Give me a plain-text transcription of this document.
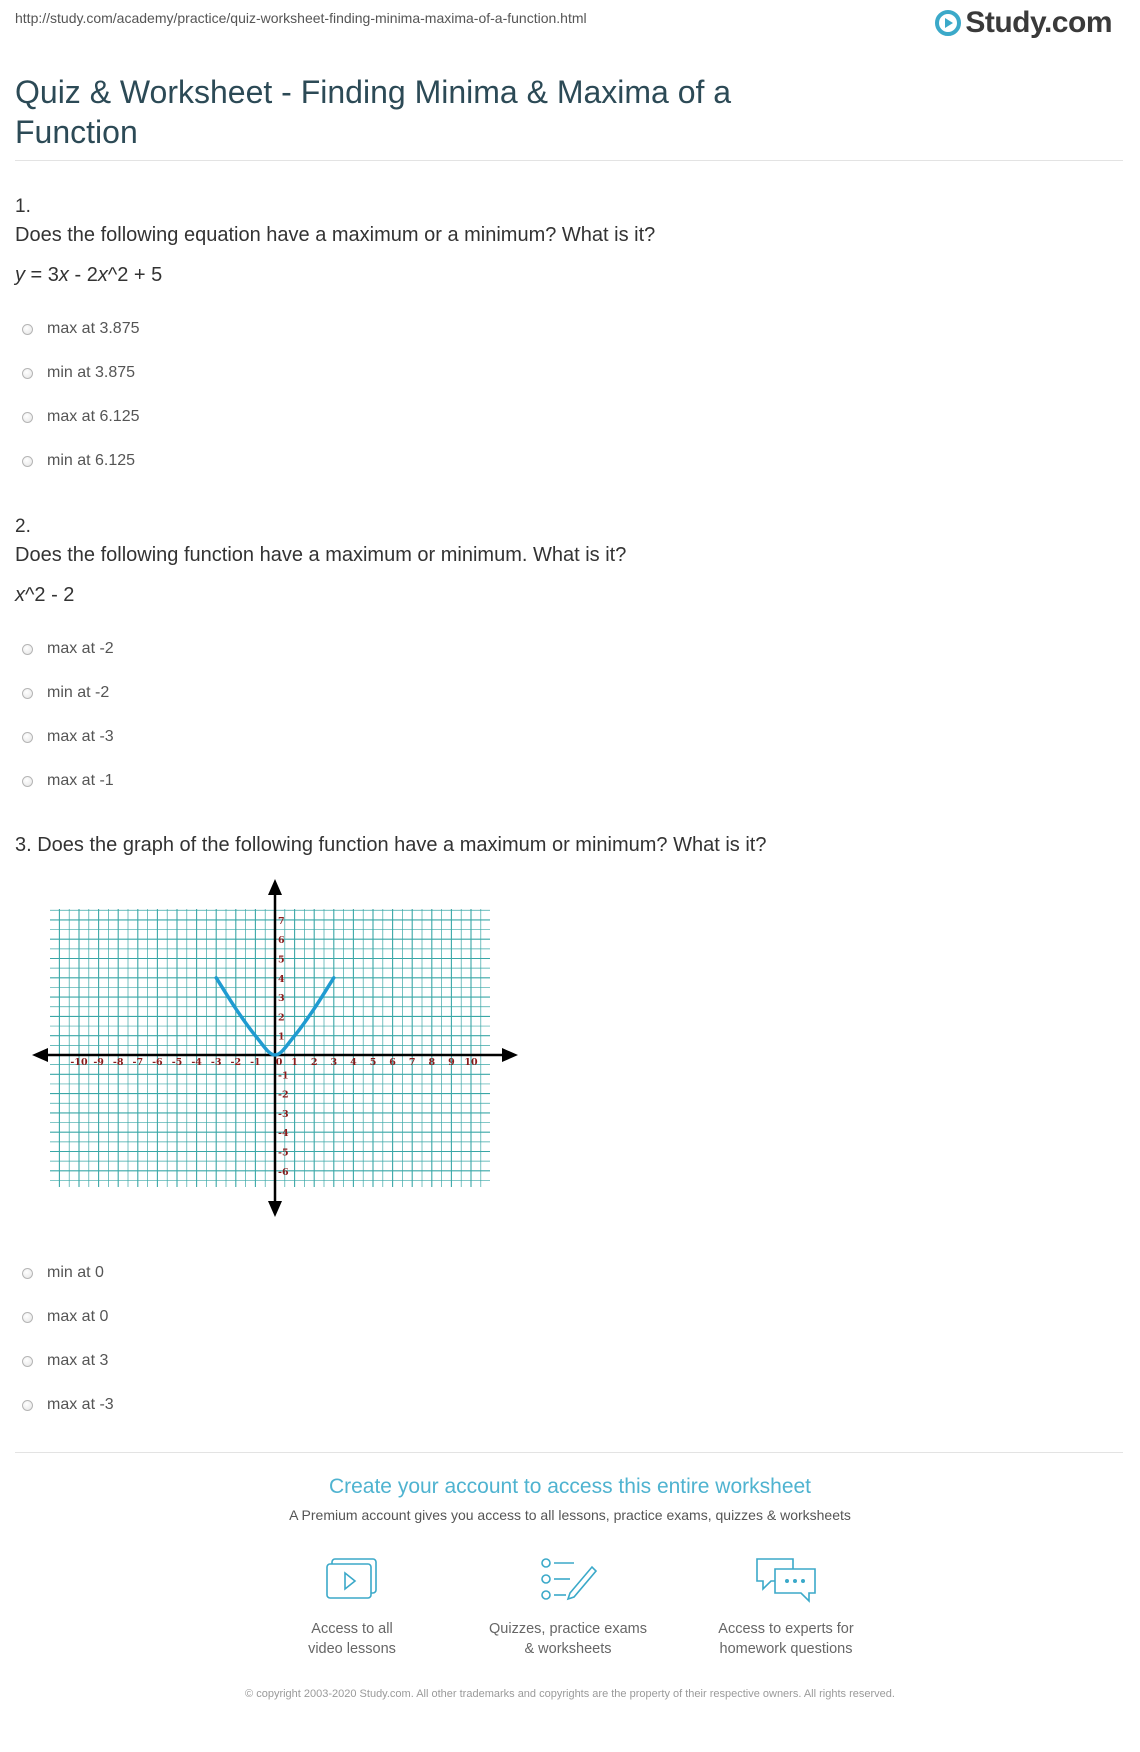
http://study.com/academy/practice/quiz-worksheet-finding-minima-maxima-of-a-function.html	Study.com
Quiz & Worksheet - Finding Minima & Maxima of a Function
1.
Does the following equation have a maximum or a minimum? What is it?
y = 3x - 2x^2 + 5
max at 3.875
min at 3.875
max at 6.125
min at 6.125
2.
Does the following function have a maximum or minimum. What is it?
x^2 - 2
max at -2
min at -2
max at -3
max at -1
3. Does the graph of the following function have a maximum or minimum? What is it?
-10 -9 -8 -7 -6 -5 -4 -3 -2 -1 0 1 2 3 4 5 6 7 8 9 10
1
2
3
4
5
6
7
-1
-2
-3
-4
-5
-6
min at 0
max at 0
max at 3
max at -3
Create your account to access this entire worksheet
A Premium account gives you access to all lessons, practice exams, quizzes & worksheets
Access to all
video lessons
Quizzes, practice exams
& worksheets
Access to experts for
homework questions
© copyright 2003-2020 Study.com. All other trademarks and copyrights are the property of their respective owners. All rights reserved.
